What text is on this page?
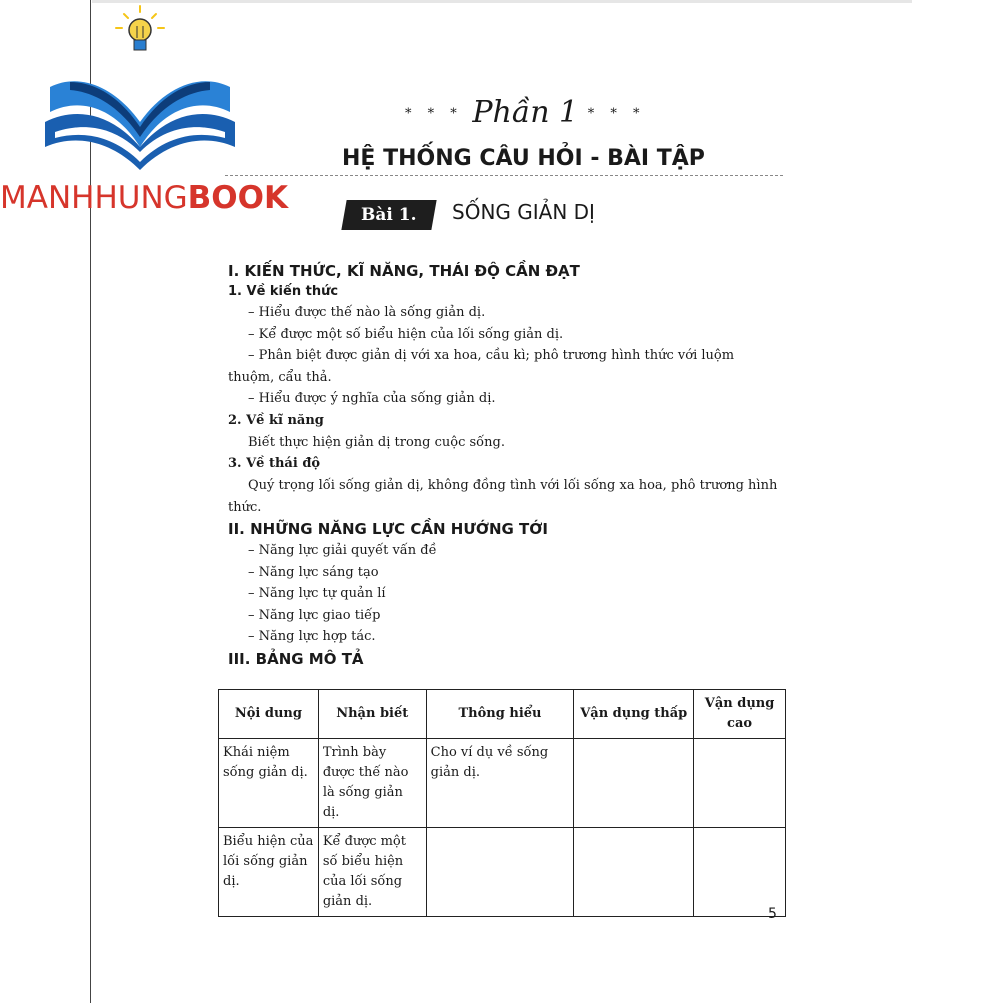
MANHHUNGBOOK
* * * Phần 1 * * *
HỆ THỐNG CÂU HỎI - BÀI TẬP
Bài 1.	SỐNG GIẢN DỊ

I. KIẾN THỨC, KĨ NĂNG, THÁI ĐỘ CẦN ĐẠT

1. Về kiến thức

– Hiểu được thế nào là sống giản dị.

– Kể được một số biểu hiện của lối sống giản dị.

– Phân biệt được giản dị với xa hoa, cầu kì; phô trương hình thức với luộm thuộm, cẩu thả.

– Hiểu được ý nghĩa của sống giản dị.

2. Về kĩ năng

Biết thực hiện giản dị trong cuộc sống.

3. Về thái độ

Quý trọng lối sống giản dị, không đồng tình với lối sống xa hoa, phô trương hình thức.

II. NHỮNG NĂNG LỰC CẦN HƯỚNG TỚI

– Năng lực giải quyết vấn đề

– Năng lực sáng tạo

– Năng lực tự quản lí

– Năng lực giao tiếp

– Năng lực hợp tác.

III. BẢNG MÔ TẢ

Nội dung	Nhận biết	Thông hiểu	Vận dụng thấp	Vận dụng cao
Khái niệm sống giản dị.	Trình bày được thế nào là sống giản dị.	Cho ví dụ về sống giản dị.		
Biểu hiện của lối sống giản dị.	Kể được một số biểu hiện của lối sống giản dị.			
5
